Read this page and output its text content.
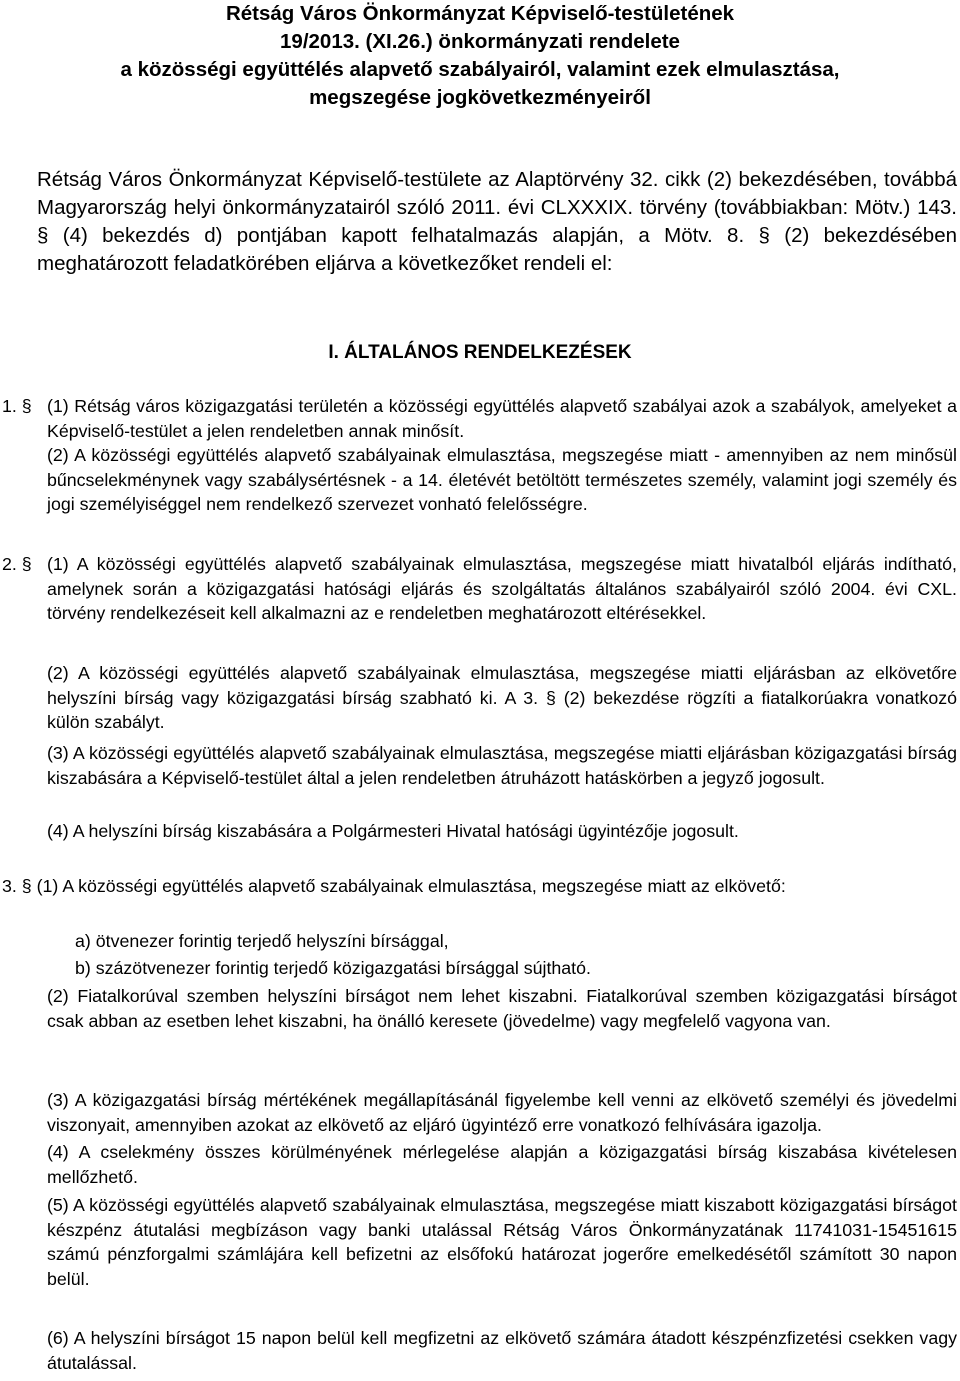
Rétság Város Önkormányzat Képviselő-testületének
19/2013. (XI.26.) önkormányzati rendelete
a közösségi együttélés alapvető szabályairól, valamint ezek elmulasztása,
megszegése jogkövetkezményeiről

Rétság Város Önkormányzat Képviselő-testülete az Alaptörvény 32. cikk (2) bekezdésében, továbbá Magyarország helyi önkormányzatairól szóló 2011. évi CLXXXIX. törvény (továbbiakban: Mötv.) 143. § (4) bekezdés d) pontjában kapott felhatalmazás alapján, a Mötv. 8. § (2) bekezdésében meghatározott feladatkörében eljárva a következőket rendeli el:

I. ÁLTALÁNOS RENDELKEZÉSEK

1. § (1) Rétság város közigazgatási területén a közösségi együttélés alapvető szabályai azok a szabályok, amelyeket a Képviselő-testület a jelen rendeletben annak minősít.

(2) A közösségi együttélés alapvető szabályainak elmulasztása, megszegése miatt - amennyiben az nem minősül bűncselekménynek vagy szabálysértésnek - a 14. életévét betöltött természetes személy, valamint jogi személy és jogi személyiséggel nem rendelkező szervezet vonható felelősségre.

2. § (1) A közösségi együttélés alapvető szabályainak elmulasztása, megszegése miatt hivatalból eljárás indítható, amelynek során a közigazgatási hatósági eljárás és szolgáltatás általános szabályairól szóló 2004. évi CXL. törvény rendelkezéseit kell alkalmazni az e rendeletben meghatározott eltérésekkel.

(2) A közösségi együttélés alapvető szabályainak elmulasztása, megszegése miatti eljárásban az elkövetőre helyszíni bírság vagy közigazgatási bírság szabható ki. A 3. § (2) bekezdése rögzíti a fiatalkorúakra vonatkozó külön szabályt.

(3) A közösségi együttélés alapvető szabályainak elmulasztása, megszegése miatti eljárásban közigazgatási bírság kiszabására a Képviselő-testület által a jelen rendeletben átruházott hatáskörben a jegyző jogosult.

(4) A helyszíni bírság kiszabására a Polgármesteri Hivatal hatósági ügyintézője jogosult.

3. § (1) A közösségi együttélés alapvető szabályainak elmulasztása, megszegése miatt az elkövető:

a) ötvenezer forintig terjedő helyszíni bírsággal,

b) százötvenezer forintig terjedő közigazgatási bírsággal sújtható.

(2) Fiatalkorúval szemben helyszíni bírságot nem lehet kiszabni. Fiatalkorúval szemben közigazgatási bírságot csak abban az esetben lehet kiszabni, ha önálló keresete (jövedelme) vagy megfelelő vagyona van.

(3) A közigazgatási bírság mértékének megállapításánál figyelembe kell venni az elkövető személyi és jövedelmi viszonyait, amennyiben azokat az elkövető az eljáró ügyintéző erre vonatkozó felhívására igazolja.

(4) A cselekmény összes körülményének mérlegelése alapján a közigazgatási bírság kiszabása kivételesen mellőzhető.

(5) A közösségi együttélés alapvető szabályainak elmulasztása, megszegése miatt kiszabott közigazgatási bírságot készpénz átutalási megbízáson vagy banki utalással Rétság Város Önkormányzatának 11741031-15451615 számú pénzforgalmi számlájára kell befizetni az elsőfokú határozat jogerőre emelkedésétől számított 30 napon belül.

(6) A helyszíni bírságot 15 napon belül kell megfizetni az elkövető számára átadott készpénzfizetési csekken vagy átutalással.
